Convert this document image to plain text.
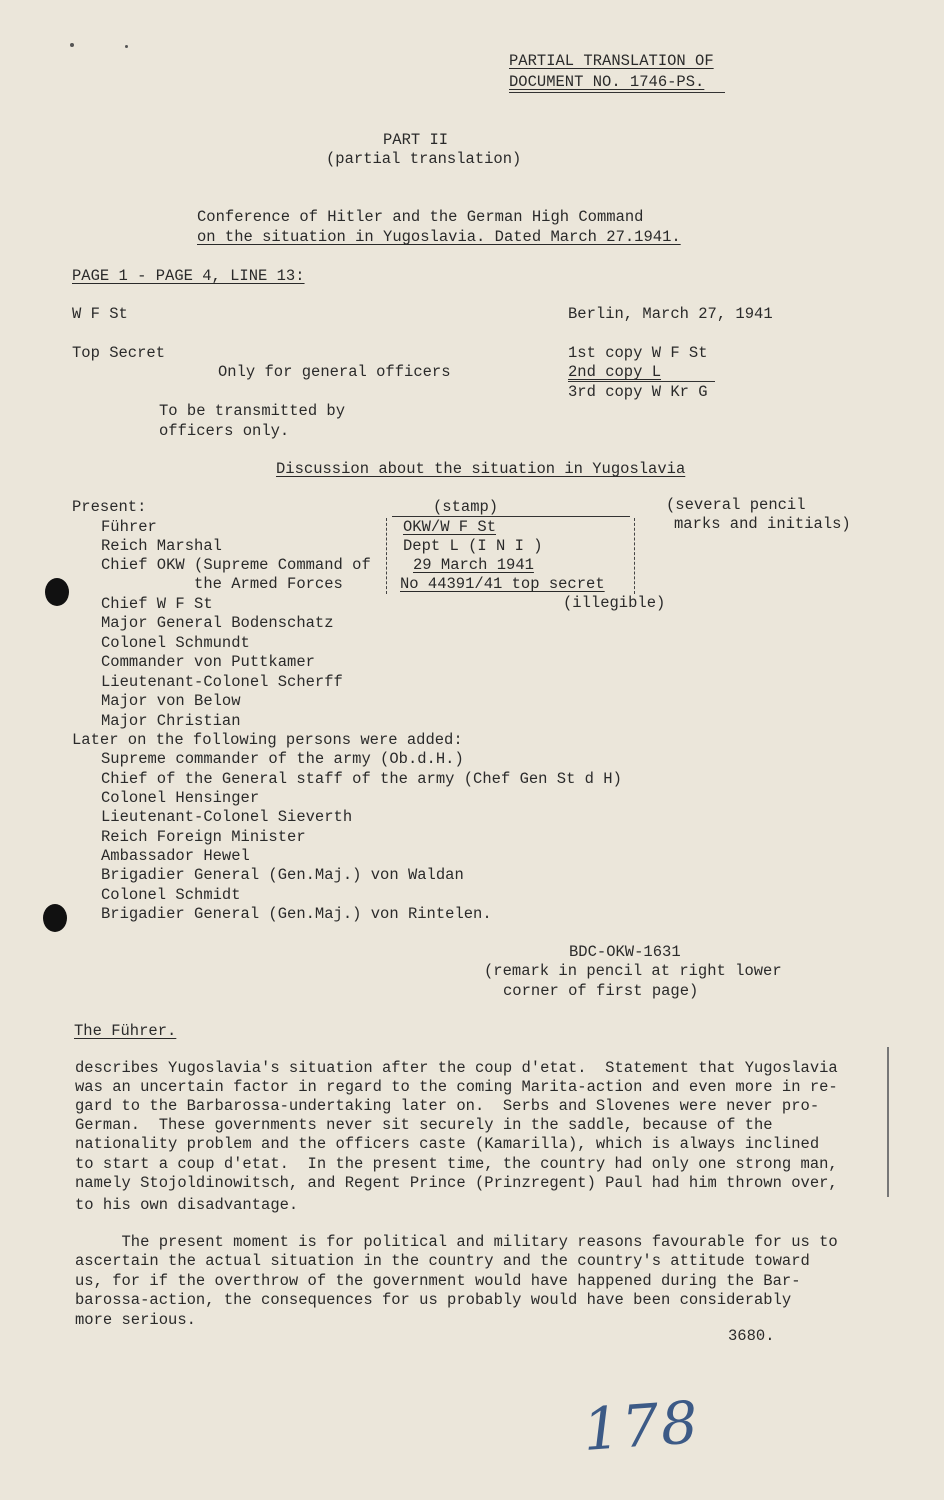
PARTIAL TRANSLATION OF
DOCUMENT NO. 1746-PS.
PART II
(partial translation)
Conference of Hitler and the German High Command
on the situation in Yugoslavia. Dated March 27.1941.
PAGE 1 - PAGE 4, LINE 13:
W F St	Berlin, March 27, 1941
Top Secret
Only for general officers
1st copy W F St
2nd copy L
3rd copy W Kr G
To be transmitted by
officers only.
Discussion about the situation in Yugoslavia
(stamp)
OKW/W F St
Dept L (I N I )
29 March 1941
No 44391/41 top secret
(illegible)
(several pencil
marks and initials)
Present:
Führer
Reich Marshal
Chief OKW (Supreme Command of
the Armed Forces
Chief W F St
Major General Bodenschatz
Colonel Schmundt
Commander von Puttkamer
Lieutenant-Colonel Scherff
Major von Below
Major Christian
Later on the following persons were added:
Supreme commander of the army (Ob.d.H.)
Chief of the General staff of the army (Chef Gen St d H)
Colonel Hensinger
Lieutenant-Colonel Sieverth
Reich Foreign Minister
Ambassador Hewel
Brigadier General (Gen.Maj.) von Waldan
Colonel Schmidt
Brigadier General (Gen.Maj.) von Rintelen.
BDC-OKW-1631
(remark in pencil at right lower
corner of first page)
The Führer.
describes Yugoslavia's situation after the coup d'etat.  Statement that Yugoslavia
was an uncertain factor in regard to the coming Marita-action and even more in re-
gard to the Barbarossa-undertaking later on.  Serbs and Slovenes were never pro-
German.  These governments never sit securely in the saddle, because of the
nationality problem and the officers caste (Kamarilla), which is always inclined
to start a coup d'etat.  In the present time, the country had only one strong man,
namely Stojoldinowitsch, and Regent Prince (Prinzregent) Paul had him thrown over,
to his own disadvantage.
The present moment is for political and military reasons favourable for us to
ascertain the actual situation in the country and the country's attitude toward
us, for if the overthrow of the government would have happened during the Bar-
barossa-action, the consequences for us probably would have been considerably
more serious.
3680.
178
